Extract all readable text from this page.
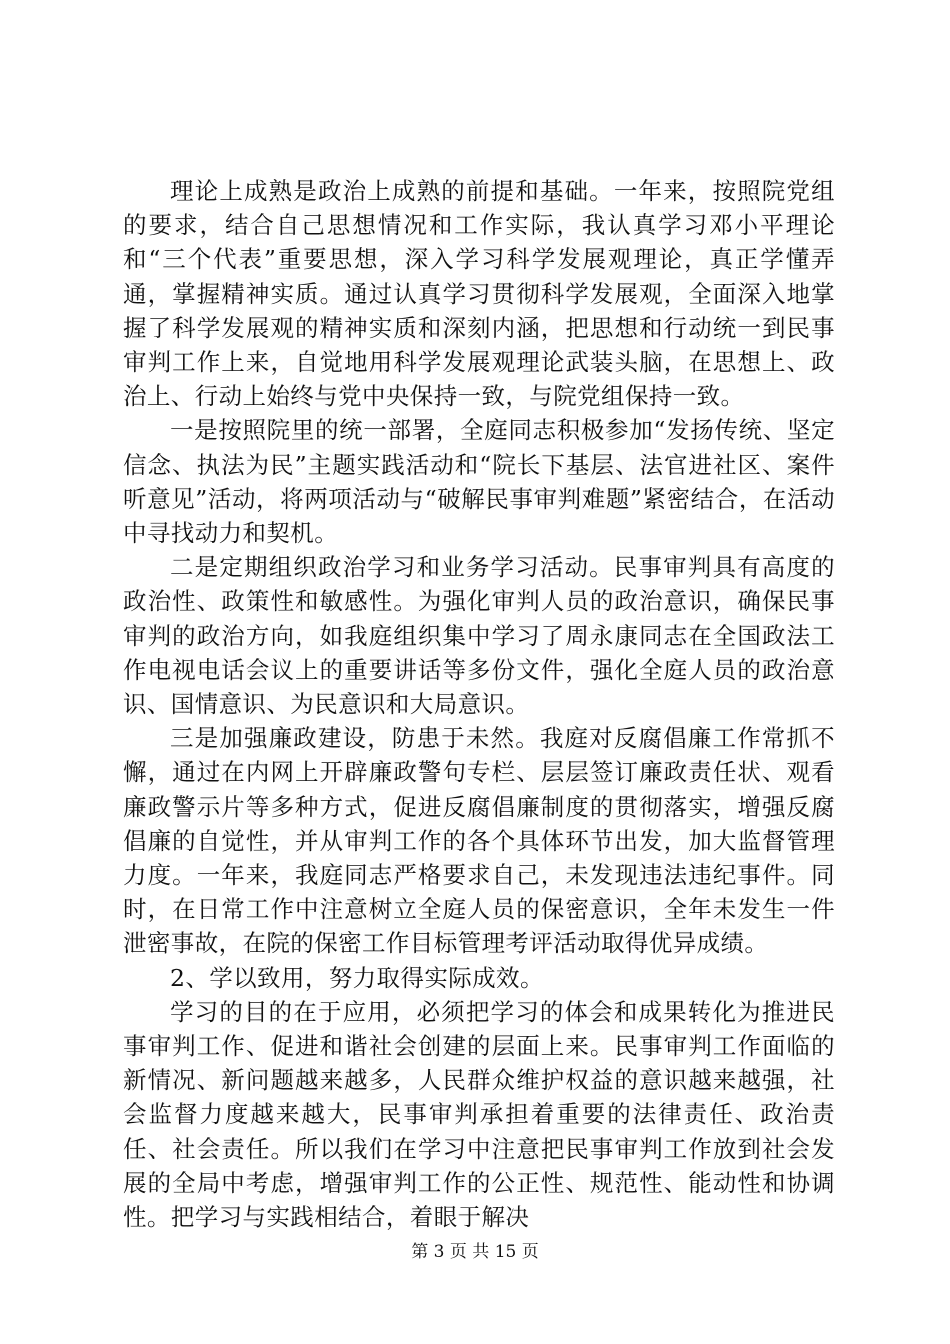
理论上成熟是政治上成熟的前提和基础。一年来，按照院党组的要求，结合自己思想情况和工作实际，我认真学习邓小平理论和“三个代表”重要思想，深入学习科学发展观理论，真正学懂弄通，掌握精神实质。通过认真学习贯彻科学发展观，全面深入地掌握了科学发展观的精神实质和深刻内涵，把思想和行动统一到民事审判工作上来，自觉地用科学发展观理论武装头脑，在思想上、政治上、行动上始终与党中央保持一致，与院党组保持一致。

一是按照院里的统一部署，全庭同志积极参加“发扬传统、坚定信念、执法为民”主题实践活动和“院长下基层、法官进社区、案件听意见”活动，将两项活动与“破解民事审判难题”紧密结合，在活动中寻找动力和契机。

二是定期组织政治学习和业务学习活动。民事审判具有高度的政治性、政策性和敏感性。为强化审判人员的政治意识，确保民事审判的政治方向，如我庭组织集中学习了周永康同志在全国政法工作电视电话会议上的重要讲话等多份文件，强化全庭人员的政治意识、国情意识、为民意识和大局意识。

三是加强廉政建设，防患于未然。我庭对反腐倡廉工作常抓不懈，通过在内网上开辟廉政警句专栏、层层签订廉政责任状、观看廉政警示片等多种方式，促进反腐倡廉制度的贯彻落实，增强反腐倡廉的自觉性，并从审判工作的各个具体环节出发，加大监督管理力度。一年来，我庭同志严格要求自己，未发现违法违纪事件。同时，在日常工作中注意树立全庭人员的保密意识，全年未发生一件泄密事故，在院的保密工作目标管理考评活动取得优异成绩。

2、学以致用，努力取得实际成效。

学习的目的在于应用，必须把学习的体会和成果转化为推进民事审判工作、促进和谐社会创建的层面上来。民事审判工作面临的新情况、新问题越来越多，人民群众维护权益的意识越来越强，社会监督力度越来越大，民事审判承担着重要的法律责任、政治责任、社会责任。所以我们在学习中注意把民事审判工作放到社会发展的全局中考虑，增强审判工作的公正性、规范性、能动性和协调性。把学习与实践相结合，着眼于解决

第 3 页 共 15 页
